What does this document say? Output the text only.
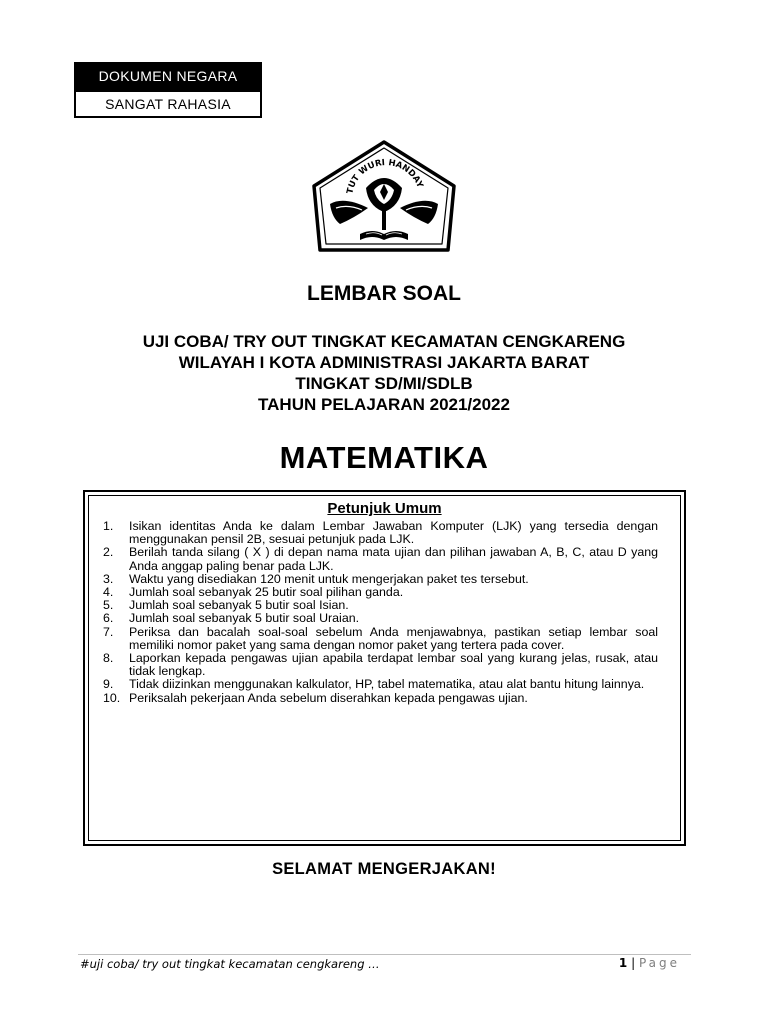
DOKUMEN NEGARA
SANGAT RAHASIA
TUT WURI HANDAY
LEMBAR SOAL
UJI COBA/ TRY OUT TINGKAT KECAMATAN CENGKARENG
WILAYAH I KOTA ADMINISTRASI JAKARTA BARAT
TINGKAT SD/MI/SDLB
TAHUN PELAJARAN 2021/2022
MATEMATIKA
Petunjuk Umum
1.	Isikan identitas Anda ke dalam Lembar Jawaban Komputer (LJK) yang tersedia dengan menggunakan pensil 2B, sesuai petunjuk pada LJK.
2.	Berilah tanda silang ( X ) di depan nama mata ujian dan pilihan jawaban A, B, C, atau D yang Anda anggap paling benar pada LJK.
3.	Waktu yang disediakan 120 menit untuk mengerjakan paket tes tersebut.
4.	Jumlah soal sebanyak 25 butir soal pilihan ganda.
5.	Jumlah soal sebanyak 5 butir soal Isian.
6.	Jumlah soal sebanyak 5 butir soal Uraian.
7.	Periksa dan bacalah soal-soal sebelum Anda menjawabnya, pastikan setiap lembar soal memiliki nomor paket yang sama dengan nomor paket yang tertera pada cover.
8.	Laporkan kepada pengawas ujian apabila terdapat lembar soal yang kurang jelas, rusak, atau tidak lengkap.
9.	Tidak diizinkan menggunakan kalkulator, HP, tabel matematika, atau alat bantu hitung lainnya.
10. Periksalah pekerjaan Anda sebelum diserahkan kepada pengawas ujian.
SELAMAT MENGERJAKAN!
#uji coba/ try out tingkat kecamatan cengkareng …	1 | Page
